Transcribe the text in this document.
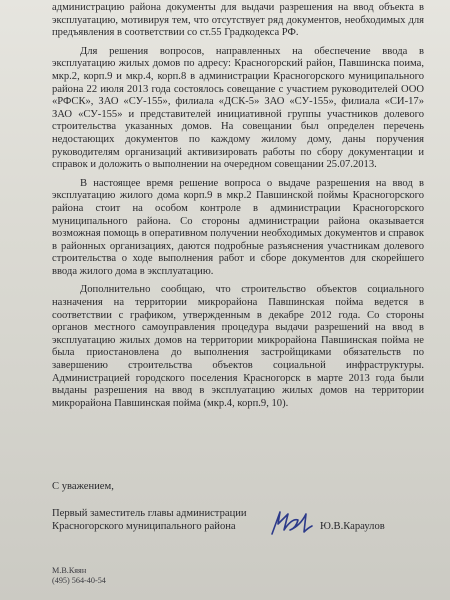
администрацию района документы для выдачи разрешения на ввод объекта в эксплуатацию, мотивируя тем, что отсутствует ряд документов, необходимых для предъявления в соответствии со ст.55 Градкодекса РФ.

Для решения вопросов, направленных на обеспечение ввода в эксплуатацию жилых домов по адресу: Красногорский район, Павшинска поима, мкр.2, корп.9 и мкр.4, корп.8 в администрации Красногорского муниципального района 22 июля 2013 года состоялось совещание с участием руководителей ООО «РФСК», ЗАО «СУ-155», филиала «ДСК-5» ЗАО «СУ-155», филиала «СИ-17» ЗАО «СУ-155» и представителей инициативной группы участников долевого строительства указанных домов. На совещании был определен перечень недостающих документов по каждому жилому дому, даны поручения руководителям организаций активизировать работы по сбору документации и справок и доложить о выполнении на очередном совещании 25.07.2013.

В настоящее время решение вопроса о выдаче разрешения на ввод в эксплуатацию жилого дома корп.9 в мкр.2 Павшинской поймы Красногорского района стоит на особом контроле в администрации Красногорского муниципального района. Со стороны администрации района оказывается возможная помощь в оперативном получении необходимых документов и справок в районных организациях, даются подробные разъяснения участникам долевого строительства о ходе выполнения работ и сборе документов для скорейшего ввода жилого дома в эксплуатацию.

Дополнительно сообщаю, что строительство объектов социального назначения на территории микрорайона Павшинская пойма ведется в соответствии с графиком, утвержденным в декабре 2012 года. Со стороны органов местного самоуправления процедура выдачи разрешений на ввод в эксплуатацию жилых домов на территории микрорайона Павшинская пойма не была приостановлена до выполнения застройщиками обязательств по завершению строительства объектов социальной инфраструктуры. Администрацией городского поселения Красногорск в марте 2013 года были выданы разрешения на ввод в эксплуатацию жилых домов на территории микрорайона Павшинская пойма (мкр.4, корп.9, 10).

С уважением,
Первый заместитель главы администрации
Красногорского муниципального района	Ю.В.Караулов
М.В.Кяян
(495) 564-40-54
